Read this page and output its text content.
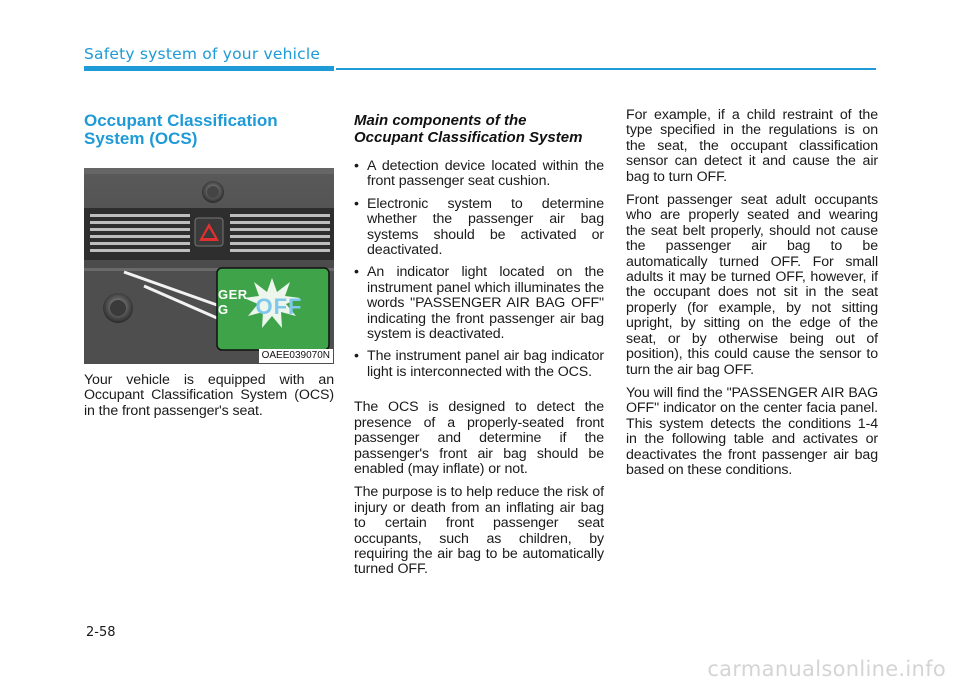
Safety system of your vehicle
Occupant Classification
System (OCS)
GER
G	OFF
OAEE039070N

Your vehicle is equipped with an Occupant Classification System (OCS) in the front passenger's seat.

Main components of the
Occupant Classification System
• A detection device located within the front passenger seat cushion.
• Electronic system to determine whether the passenger air bag systems should be activated or deactivated.
• An indicator light located on the instrument panel which illuminates the words "PASSENGER AIR BAG OFF" indicating the front passenger air bag system is deactivated.
• The instrument panel air bag indicator light is interconnected with the OCS.

The OCS is designed to detect the presence of a properly-seated front passenger and determine if the passenger's front air bag should be enabled (may inflate) or not.

The purpose is to help reduce the risk of injury or death from an inflating air bag to certain front passenger seat occupants, such as children, by requiring the air bag to be automatically turned OFF.

For example, if a child restraint of the type specified in the regulations is on the seat, the occupant classification sensor can detect it and cause the air bag to turn OFF.

Front passenger seat adult occupants who are properly seated and wearing the seat belt properly, should not cause the passenger air bag to be automatically turned OFF. For small adults it may be turned OFF, however, if the occupant does not sit in the seat properly (for example, by not sitting upright, by sitting on the edge of the seat, or by otherwise being out of position), this could cause the sensor to turn the air bag OFF.

You will find the "PASSENGER AIR BAG OFF" indicator on the center facia panel. This system detects the conditions 1-4 in the following table and activates or deactivates the front passenger air bag based on these conditions.

2-58
carmanualsonline.info
